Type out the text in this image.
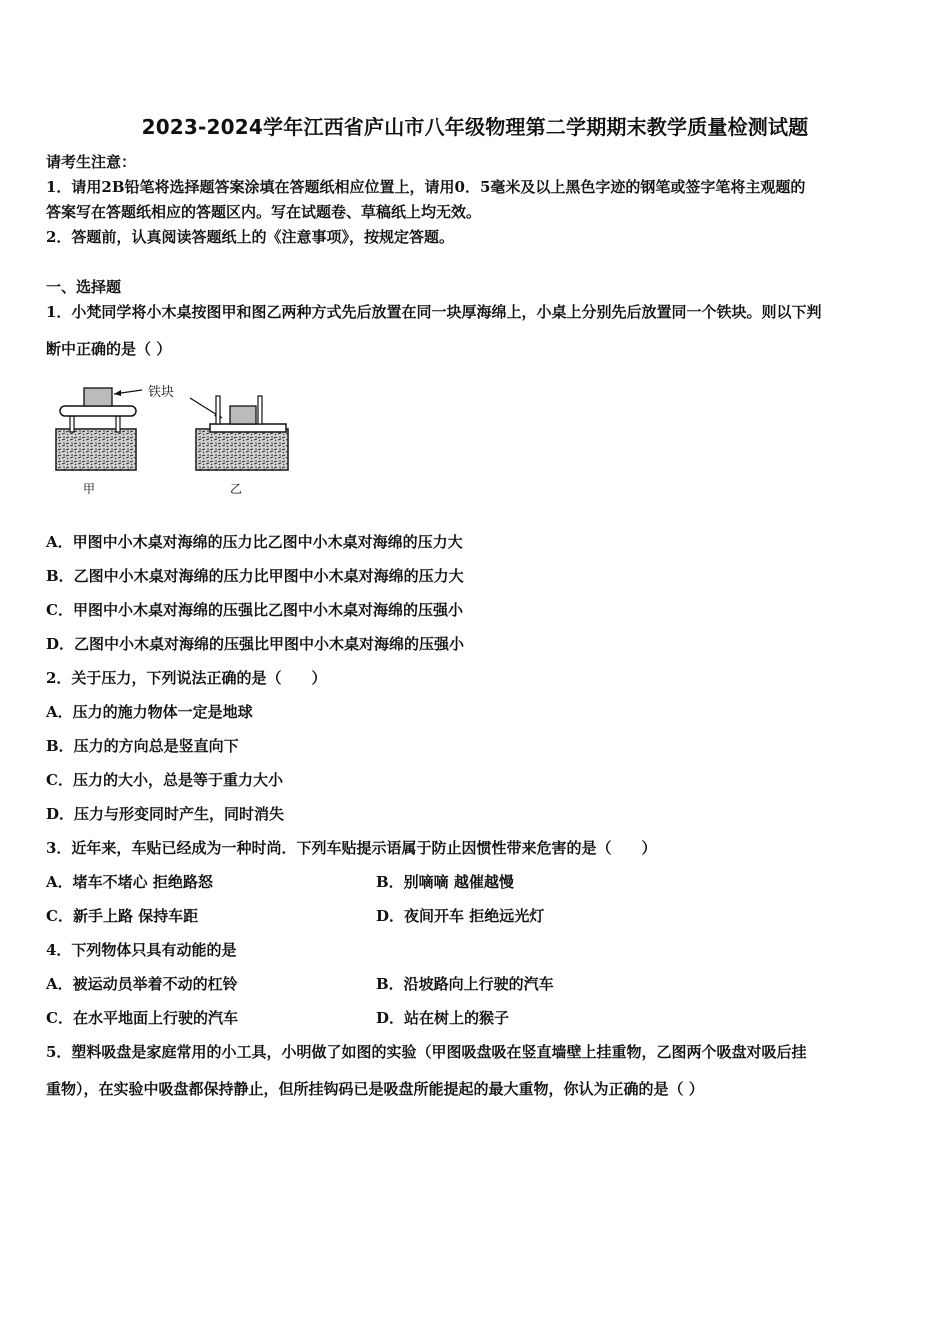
2023-2024学年江西省庐山市八年级物理第二学期期末教学质量检测试题
请考生注意：
1．请用2B铅笔将选择题答案涂填在答题纸相应位置上，请用0．5毫米及以上黑色字迹的钢笔或签字笔将主观题的
答案写在答题纸相应的答题区内。写在试题卷、草稿纸上均无效。
2．答题前，认真阅读答题纸上的《注意事项》，按规定答题。
一、选择题
1．小梵同学将小木桌按图甲和图乙两种方式先后放置在同一块厚海绵上，小桌上分别先后放置同一个铁块。则以下判
断中正确的是（ ）
铁块
甲	乙
A．甲图中小木桌对海绵的压力比乙图中小木桌对海绵的压力大
B．乙图中小木桌对海绵的压力比甲图中小木桌对海绵的压力大
C．甲图中小木桌对海绵的压强比乙图中小木桌对海绵的压强小
D．乙图中小木桌对海绵的压强比甲图中小木桌对海绵的压强小
2．关于压力，下列说法正确的是（　　）
A．压力的施力物体一定是地球
B．压力的方向总是竖直向下
C．压力的大小，总是等于重力大小
D．压力与形变同时产生，同时消失
3．近年来，车贴已经成为一种时尚．下列车贴提示语属于防止因惯性带来危害的是（　　）
A．堵车不堵心 拒绝路怒	B．别嘀嘀 越催越慢
C．新手上路 保持车距	D．夜间开车 拒绝远光灯
4．下列物体只具有动能的是
A．被运动员举着不动的杠铃	B．沿坡路向上行驶的汽车
C．在水平地面上行驶的汽车	D．站在树上的猴子
5．塑料吸盘是家庭常用的小工具，小明做了如图的实验（甲图吸盘吸在竖直墙壁上挂重物，乙图两个吸盘对吸后挂
重物），在实验中吸盘都保持静止，但所挂钩码已是吸盘所能提起的最大重物，你认为正确的是（ ）
